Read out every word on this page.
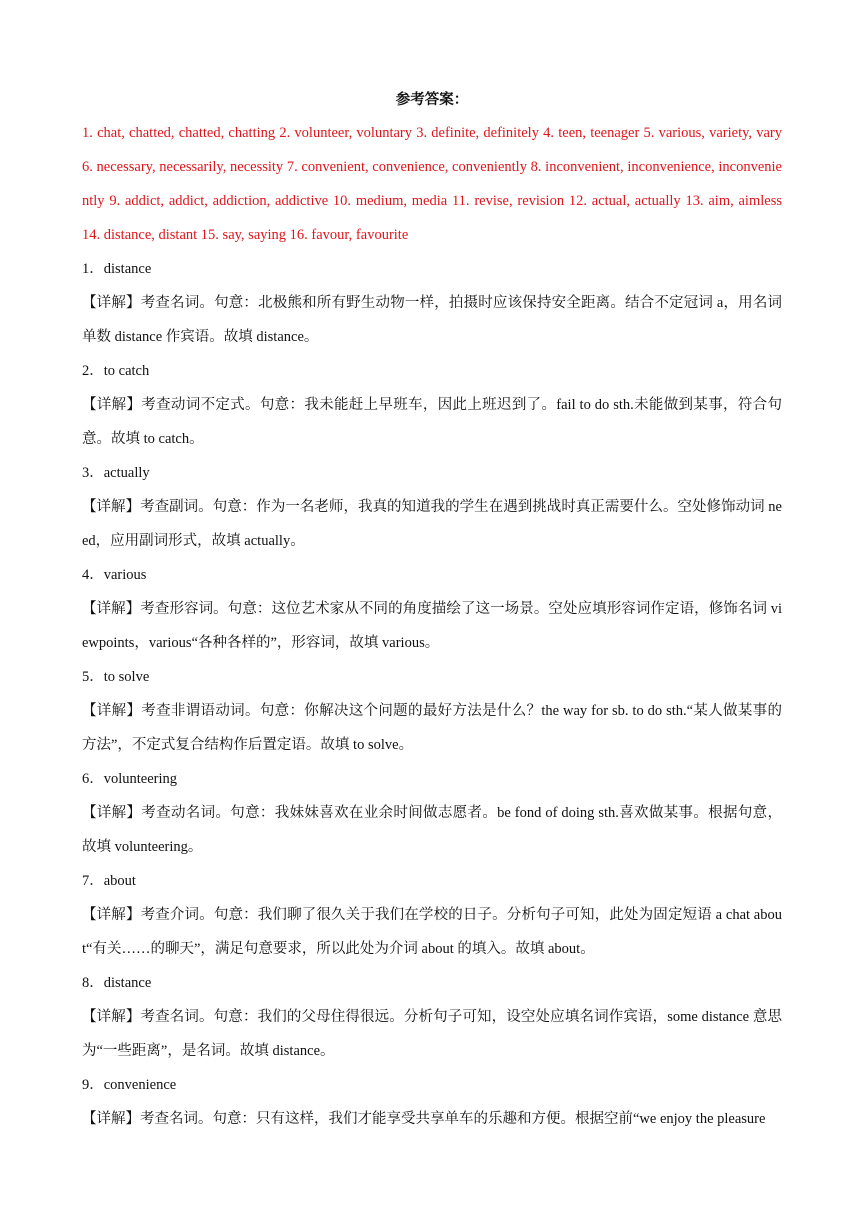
参考答案：

1. chat, chatted, chatted, chatting 2. volunteer, voluntary 3. definite, definitely 4. teen, teenager 5. various, variety, vary 6. necessary, necessarily, necessity 7. convenient, convenience, conveniently 8. inconvenient, inconvenience, inconveniently 9. addict, addict, addiction, addictive 10. medium, media 11. revise, revision 12. actual, actually 13. aim, aimless　14. distance, distant 15. say, saying 16. favour, favourite

1．distance

【详解】考查名词。句意：北极熊和所有野生动物一样，拍摄时应该保持安全距离。结合不定冠词 a，用名词单数 distance 作宾语。故填 distance。

2．to catch

【详解】考查动词不定式。句意：我未能赶上早班车，因此上班迟到了。fail to do sth.未能做到某事，符合句意。故填 to catch。

3．actually

【详解】考查副词。句意：作为一名老师，我真的知道我的学生在遇到挑战时真正需要什么。空处修饰动词 need，应用副词形式，故填 actually。

4．various

【详解】考查形容词。句意：这位艺术家从不同的角度描绘了这一场景。空处应填形容词作定语，修饰名词 viewpoints，various“各种各样的”，形容词，故填 various。

5．to solve

【详解】考查非谓语动词。句意：你解决这个问题的最好方法是什么？the way for sb. to do sth.“某人做某事的方法”，不定式复合结构作后置定语。故填 to solve。

6．volunteering

【详解】考查动名词。句意：我妹妹喜欢在业余时间做志愿者。be fond of doing sth.喜欢做某事。根据句意，故填 volunteering。

7．about

【详解】考查介词。句意：我们聊了很久关于我们在学校的日子。分析句子可知，此处为固定短语 a chat about“有关……的聊天”，满足句意要求，所以此处为介词 about 的填入。故填 about。

8．distance

【详解】考查名词。句意：我们的父母住得很远。分析句子可知，设空处应填名词作宾语，some distance 意思为“一些距离”，是名词。故填 distance。

9．convenience

【详解】考查名词。句意：只有这样，我们才能享受共享单车的乐趣和方便。根据空前“we enjoy the pleasure
